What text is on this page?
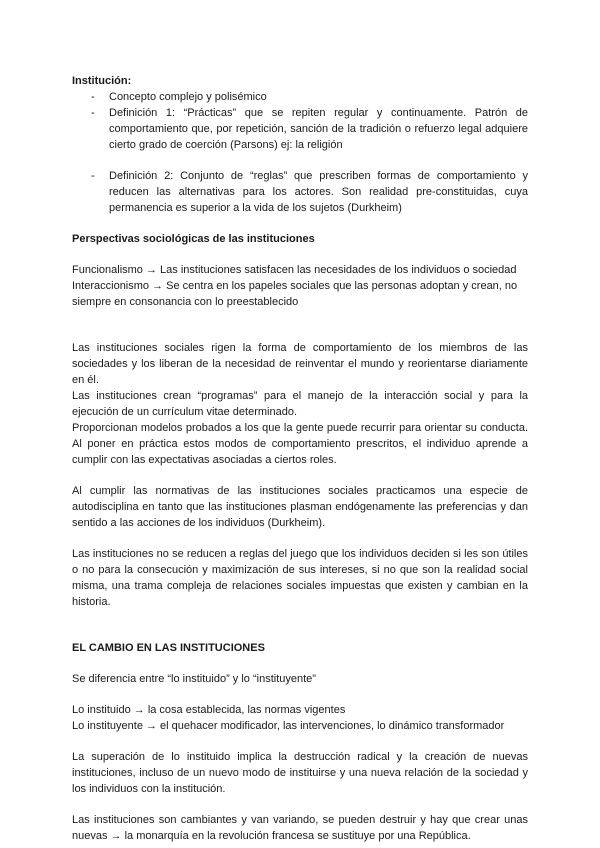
Institución:

- Concepto complejo y polisémico
- Definición 1: “Prácticas” que se repiten regular y continuamente. Patrón de comportamiento que, por repetición, sanción de la tradición o refuerzo legal adquiere cierto grado de coerción (Parsons) ej: la religión
- Definición 2: Conjunto de “reglas” que prescriben formas de comportamiento y reducen las alternativas para los actores. Son realidad pre-constituidas, cuya permanencia es superior a la vida de los sujetos (Durkheim)

Perspectivas sociológicas de las instituciones

Funcionalismo → Las instituciones satisfacen las necesidades de los individuos o sociedad

Interaccionismo → Se centra en los papeles sociales que las personas adoptan y crean, no siempre en consonancia con lo preestablecido

Las instituciones sociales rigen la forma de comportamiento de los miembros de las sociedades y los liberan de la necesidad de reinventar el mundo y reorientarse diariamente en él.

Las instituciones crean “programas” para el manejo de la interacción social y para la ejecución de un currículum vitae determinado.

Proporcionan modelos probados a los que la gente puede recurrir para orientar su conducta. Al poner en práctica estos modos de comportamiento prescritos, el individuo aprende a cumplir con las expectativas asociadas a ciertos roles.

Al cumplir las normativas de las instituciones sociales practicamos una especie de autodisciplina en tanto que las instituciones plasman endógenamente las preferencias y dan sentido a las acciones de los individuos (Durkheim).

Las instituciones no se reducen a reglas del juego que los individuos deciden si les son útiles o no para la consecución y maximización de sus intereses, si no que son la realidad social misma, una trama compleja de relaciones sociales impuestas que existen y cambian en la historia.

EL CAMBIO EN LAS INSTITUCIONES

Se diferencia entre “lo instituido” y lo “instituyente”

Lo instituido → la cosa establecida, las normas vigentes

Lo instituyente → el quehacer modificador, las intervenciones, lo dinámico transformador

La superación de lo instituido implica la destrucción radical y la creación de nuevas instituciones, incluso de un nuevo modo de instituirse y una nueva relación de la sociedad y los individuos con la institución.

Las instituciones son cambiantes y van variando, se pueden destruir y hay que crear unas nuevas → la monarquía en la revolución francesa se sustituye por una República.
